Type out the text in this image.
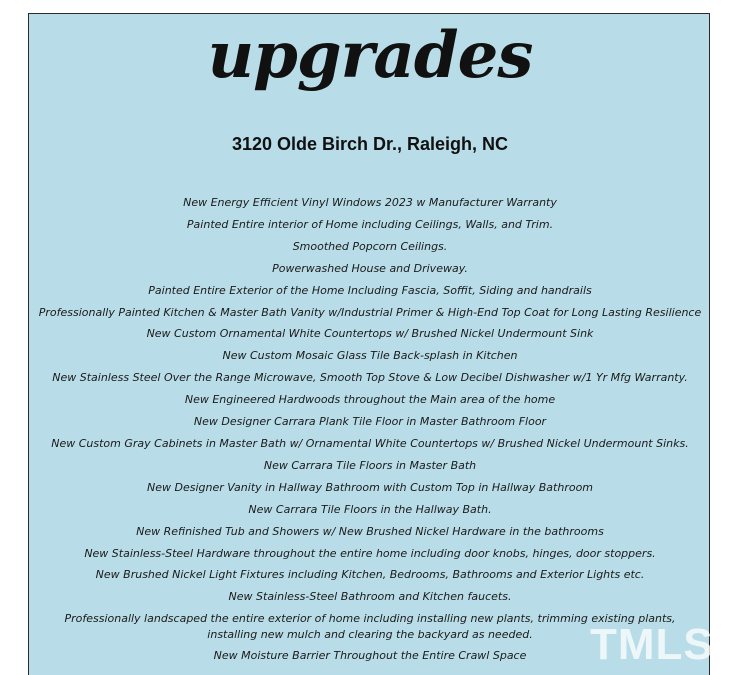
upgrades
3120 Olde Birch Dr., Raleigh, NC
New Energy Efficient Vinyl Windows 2023 w Manufacturer Warranty
Painted Entire interior of Home including Ceilings, Walls, and Trim.
Smoothed Popcorn Ceilings.
Powerwashed House and Driveway.
Painted Entire Exterior of the Home Including Fascia, Soffit, Siding and handrails
Professionally Painted Kitchen & Master Bath Vanity w/Industrial Primer & High-End Top Coat for Long Lasting Resilience
New Custom Ornamental White Countertops w/ Brushed Nickel Undermount Sink
New Custom Mosaic Glass Tile Back-splash in Kitchen
New Stainless Steel Over the Range Microwave, Smooth Top Stove & Low Decibel Dishwasher w/1 Yr Mfg Warranty.
New Engineered Hardwoods throughout the Main area of the home
New Designer Carrara Plank Tile Floor in Master Bathroom Floor
New Custom Gray Cabinets in Master Bath w/ Ornamental White Countertops w/ Brushed Nickel Undermount Sinks.
New Carrara Tile Floors in Master Bath
New Designer Vanity in Hallway Bathroom with Custom Top in Hallway Bathroom
New Carrara Tile Floors in the Hallway Bath.
New Refinished Tub and Showers w/ New Brushed Nickel Hardware in the bathrooms
New Stainless-Steel Hardware throughout the entire home including door knobs, hinges, door stoppers.
New Brushed Nickel Light Fixtures including Kitchen, Bedrooms, Bathrooms and Exterior Lights etc.
New Stainless-Steel Bathroom and Kitchen faucets.
Professionally landscaped the entire exterior of home including installing new plants, trimming existing plants, installing new mulch and clearing the backyard as needed.
New Moisture Barrier Throughout the Entire Crawl Space	TMLS
